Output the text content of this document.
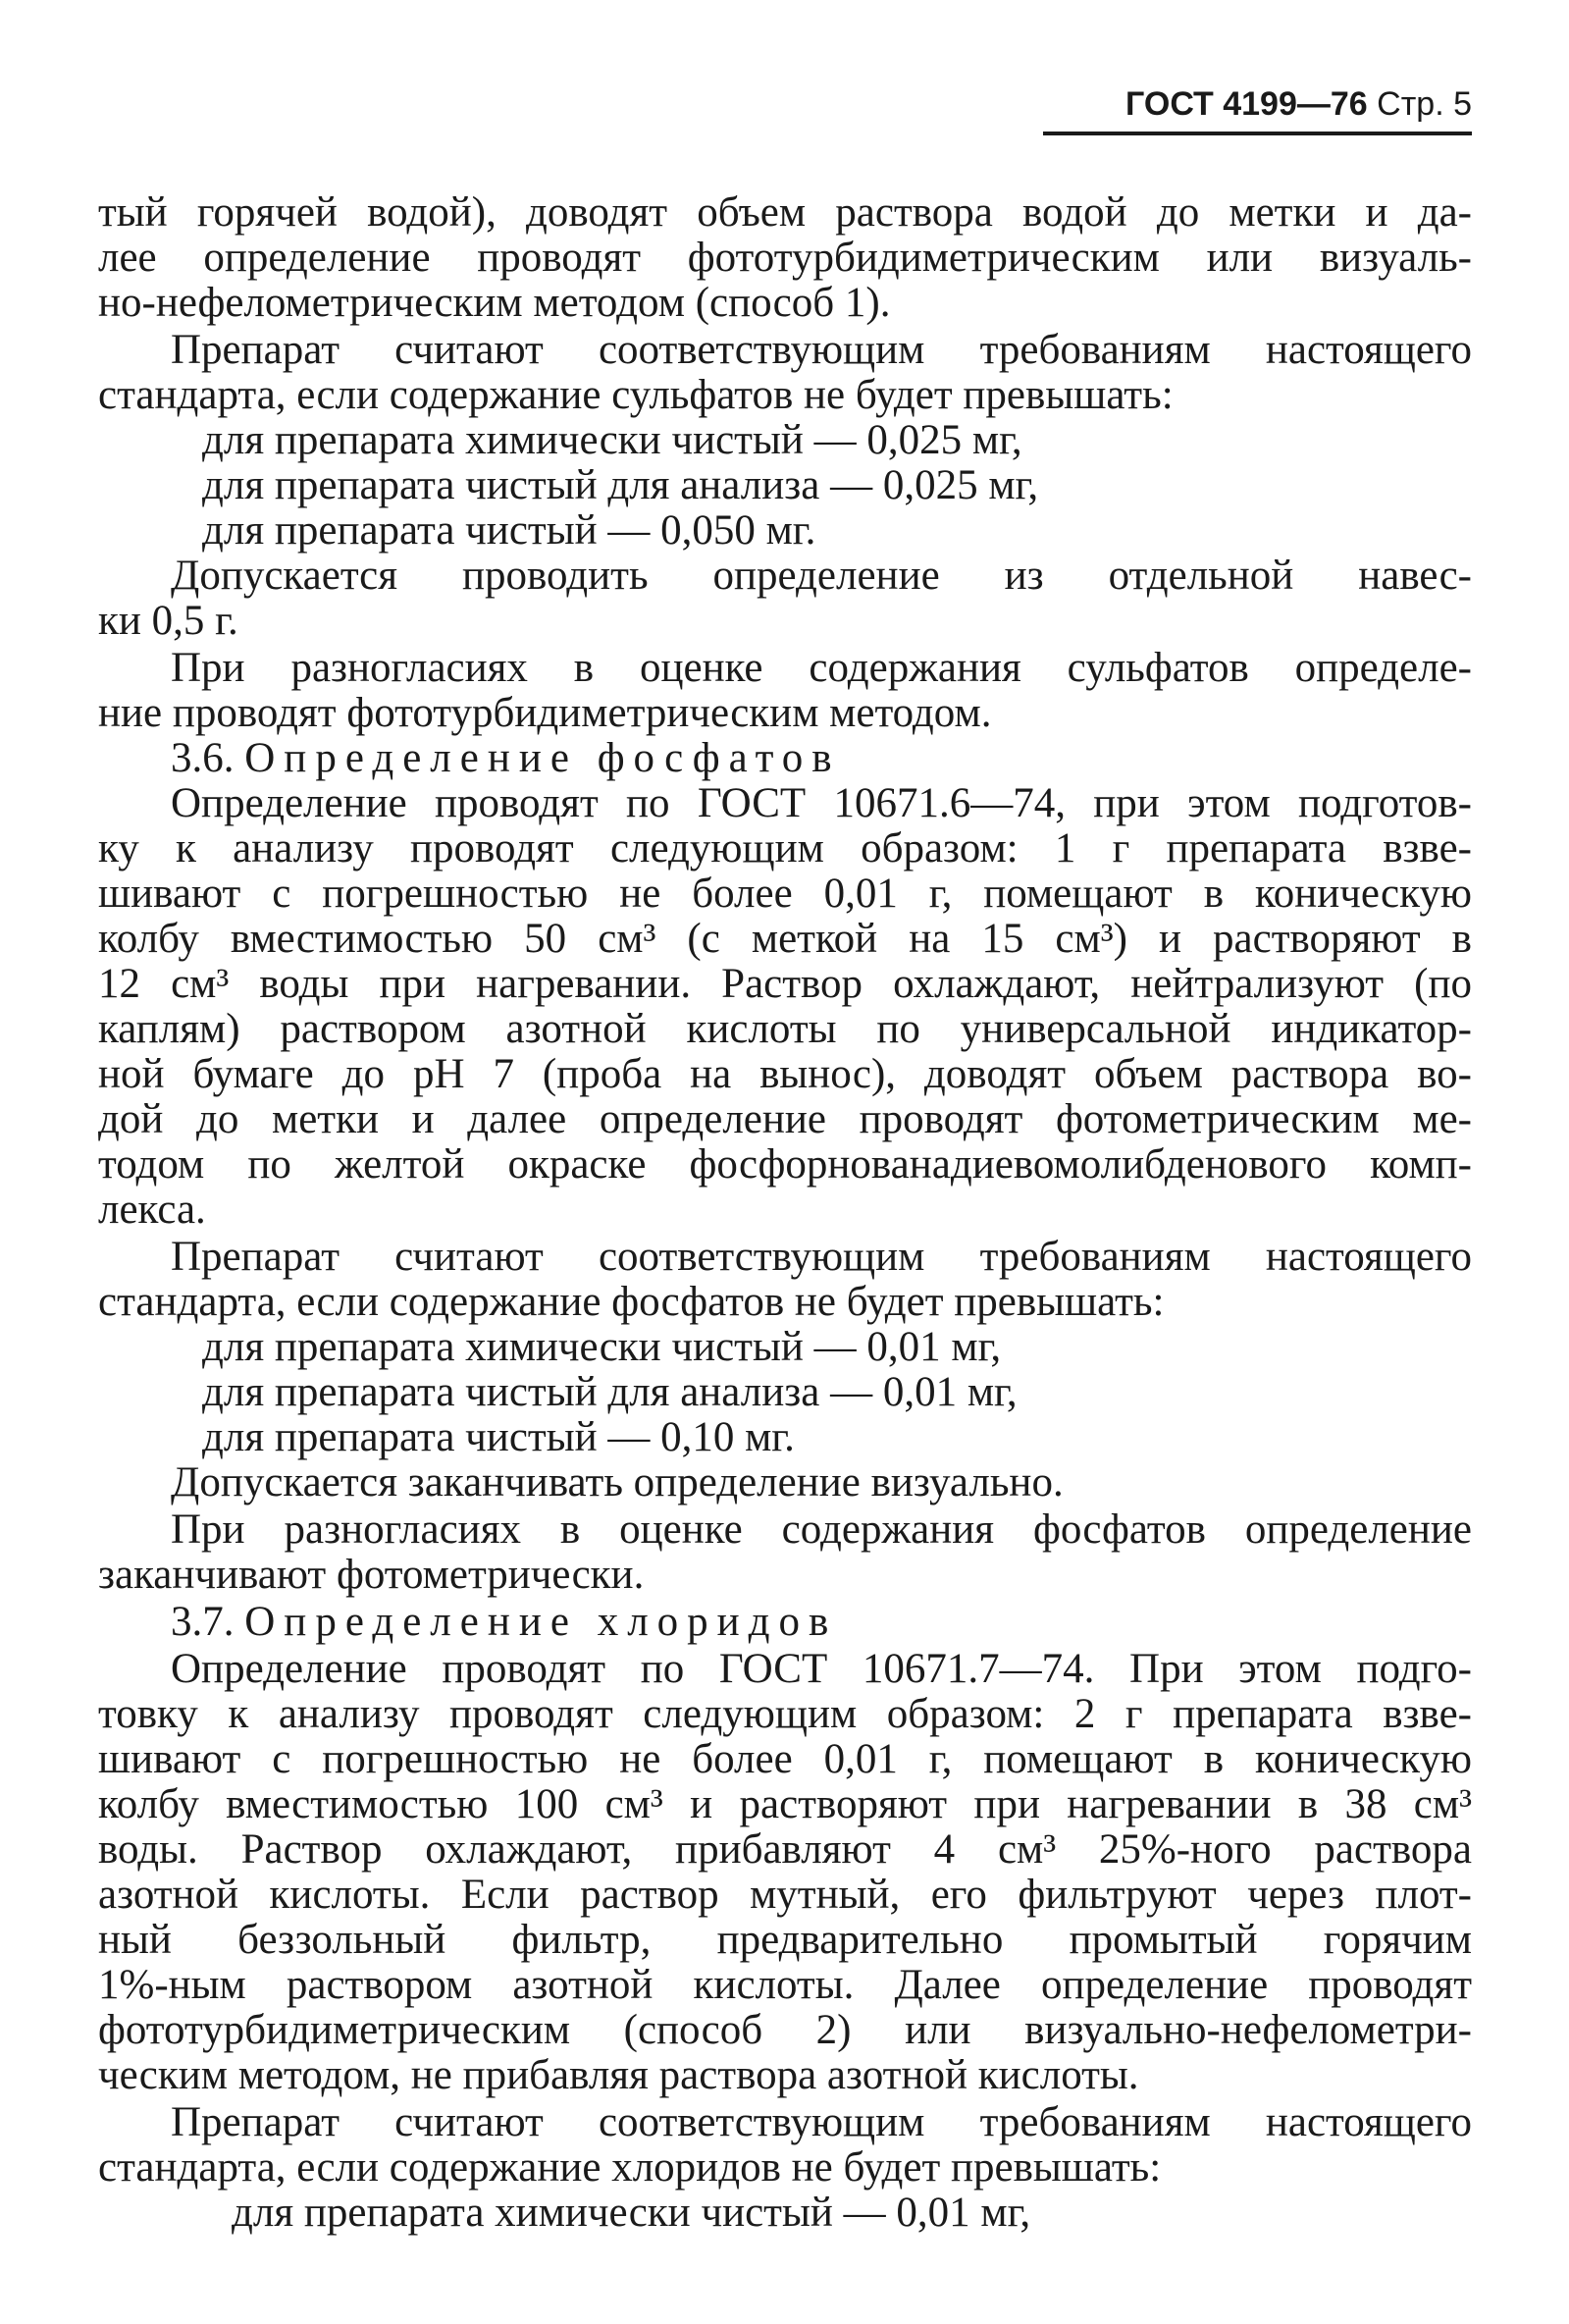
ГОСТ 4199—76 Стр. 5
тый горячей водой), доводят объем раствора водой до метки и да-
лее определение проводят фототурбидиметрическим или визуаль-
но-нефелометрическим методом (способ 1).
Препарат считают соответствующим требованиям настоящего
стандарта, если содержание сульфатов не будет превышать:
для препарата химически чистый — 0,025 мг,
для препарата чистый для анализа — 0,025 мг,
для препарата чистый — 0,050 мг.
Допускается проводить определение из отдельной навес-
ки 0,5 г.
При разногласиях в оценке содержания сульфатов определе-
ние проводят фототурбидиметрическим методом.
3.6. Определение фосфатов
Определение проводят по ГОСТ 10671.6—74, при этом подготов-
ку к анализу проводят следующим образом: 1 г препарата взве-
шивают с погрешностью не более 0,01 г, помещают в коническую
колбу вместимостью 50 см³ (с меткой на 15 см³) и растворяют в
12 см³ воды при нагревании. Раствор охлаждают, нейтрализуют (по
каплям) раствором азотной кислоты по универсальной индикатор-
ной бумаге до pH 7 (проба на вынос), доводят объем раствора во-
дой до метки и далее определение проводят фотометрическим ме-
тодом по желтой окраске фосфорнованадиевомолибденового комп-
лекса.
Препарат считают соответствующим требованиям настоящего
стандарта, если содержание фосфатов не будет превышать:
для препарата химически чистый — 0,01 мг,
для препарата чистый для анализа — 0,01 мг,
для препарата чистый — 0,10 мг.
Допускается заканчивать определение визуально.
При разногласиях в оценке содержания фосфатов определение
заканчивают фотометрически.
3.7. Определение хлоридов
Определение проводят по ГОСТ 10671.7—74. При этом подго-
товку к анализу проводят следующим образом: 2 г препарата взве-
шивают с погрешностью не более 0,01 г, помещают в коническую
колбу вместимостью 100 см³ и растворяют при нагревании в 38 см³
воды. Раствор охлаждают, прибавляют 4 см³ 25%-ного раствора
азотной кислоты. Если раствор мутный, его фильтруют через плот-
ный беззольный фильтр, предварительно промытый горячим
1%-ным раствором азотной кислоты. Далее определение проводят
фототурбидиметрическим (способ 2) или визуально-нефелометри-
ческим методом, не прибавляя раствора азотной кислоты.
Препарат считают соответствующим требованиям настоящего
стандарта, если содержание хлоридов не будет превышать:
для препарата химически чистый — 0,01 мг,
